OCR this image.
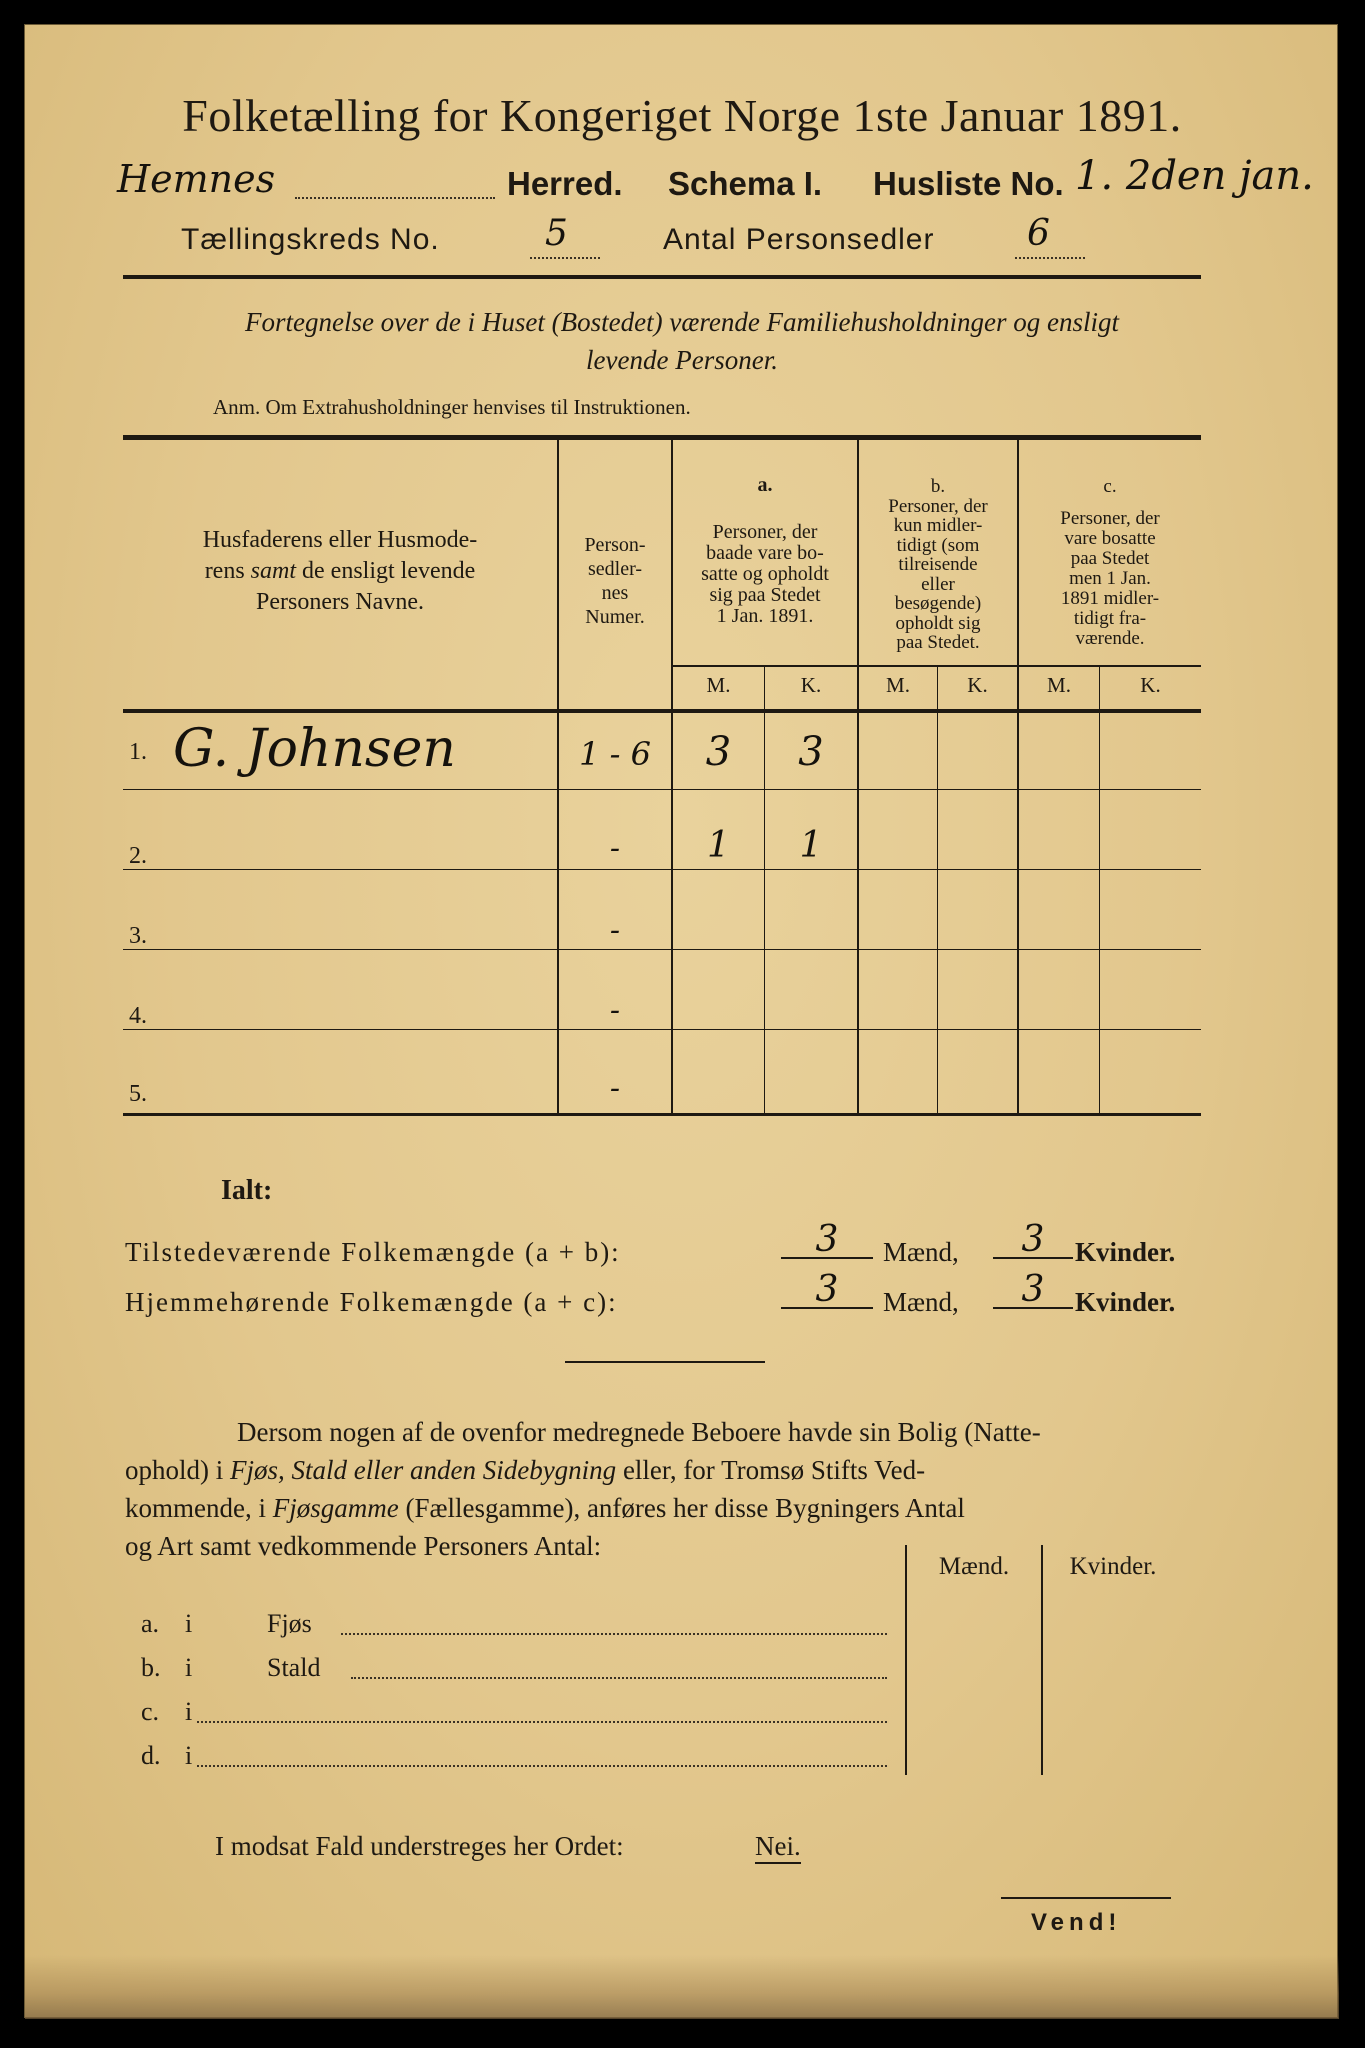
Folketælling for Kongeriget Norge 1ste Januar 1891.
Hemnes	Herred. Schema I. Husliste No. 1. 2den jan.
Tællingskreds No.	5	Antal Personsedler	6
Fortegnelse over de i Huset (Bostedet) værende Familiehusholdninger og ensligt
levende Personer.
Anm. Om Extrahusholdninger henvises til Instruktionen.
Husfaderens eller Husmode-
rens samt de ensligt levende
Personers Navne.
Person-
sedler-
nes
Numer.
a.
Personer, der
baade vare bo-
satte og opholdt
sig paa Stedet
1 Jan. 1891.
b.
Personer, der
kun midler-
tidigt (som
tilreisende
eller
besøgende)
opholdt sig
paa Stedet.
c.
Personer, der
vare bosatte
paa Stedet
men 1 Jan.
1891 midler-
tidigt fra-
værende.
M.	K.	M.	K.	M.	K.
1. G. Johnsen	1 - 6	3	3
2.	-	1	1
3.	-
4.	-
5.	-
Ialt:
Tilstedeværende Folkemængde (a + b):	3	Mænd,	3	Kvinder.
Hjemmehørende Folkemængde (a + c):	3	Mænd,	3	Kvinder.
Dersom nogen af de ovenfor medregnede Beboere havde sin Bolig (Natte-
ophold) i Fjøs, Stald eller anden Sidebygning eller, for Tromsø Stifts Ved-
kommende, i Fjøsgamme (Fællesgamme), anføres her disse Bygningers Antal
og Art samt vedkommende Personers Antal:
Mænd.	Kvinder.
a. i	Fjøs
b. i	Stald
c. i
d. i
I modsat Fald understreges her Ordet:	Nei.
Vend!
